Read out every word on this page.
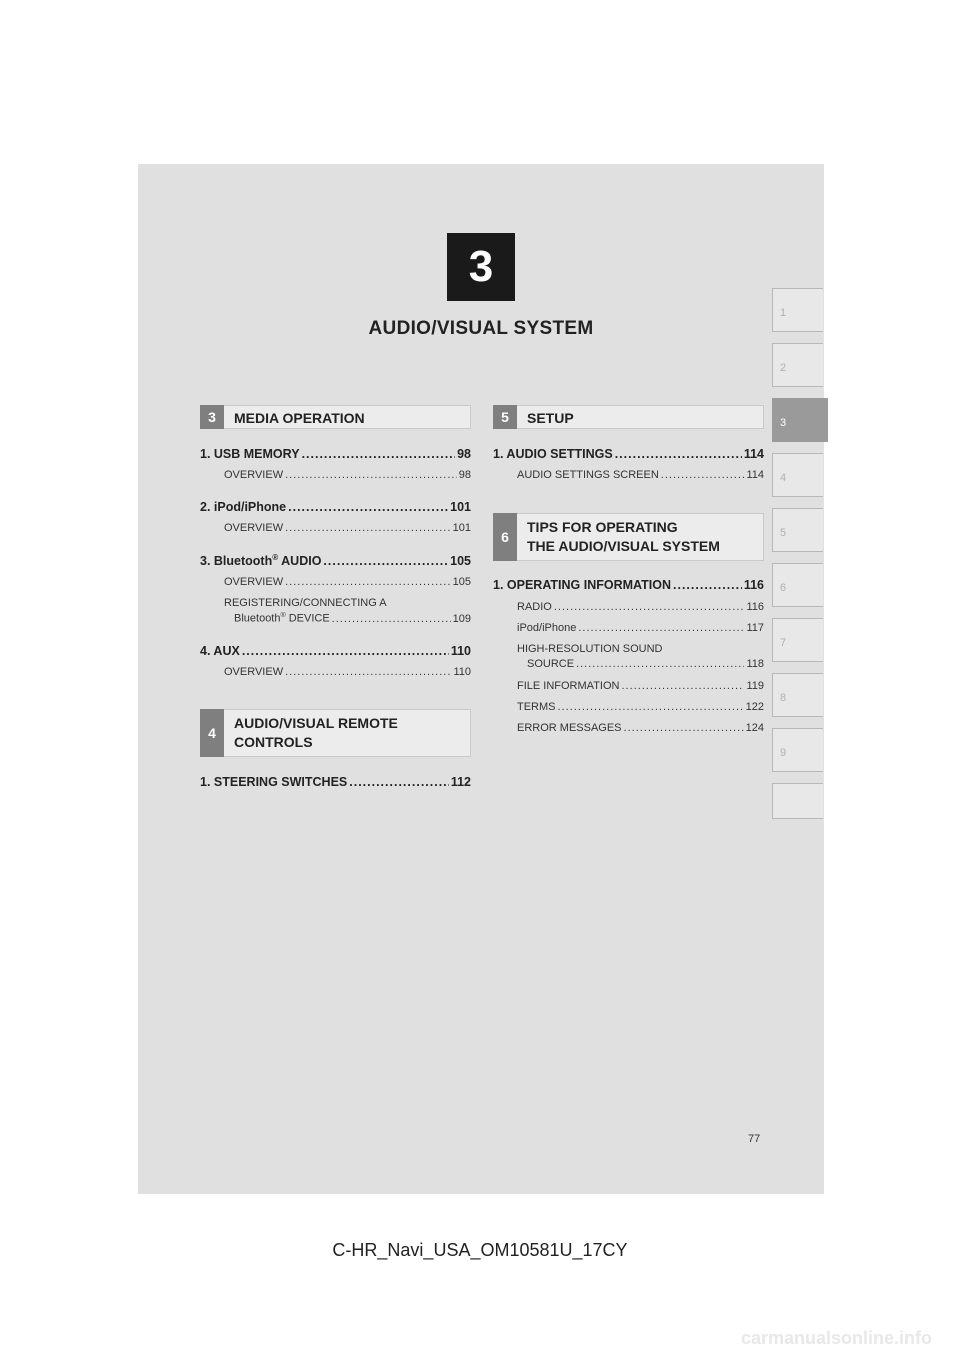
3
AUDIO/VISUAL SYSTEM
1
2
3
4
5
6
7
8
9
3	MEDIA OPERATION
1. USB MEMORY .....	98
OVERVIEW .....	98
2. iPod/iPhone .....	101
OVERVIEW .....	101
3. Bluetooth® AUDIO .....	105
OVERVIEW .....	105
REGISTERING/CONNECTING A
Bluetooth® DEVICE .....	109
4. AUX .....	110
OVERVIEW .....	110
4
AUDIO/VISUAL REMOTE
CONTROLS
1. STEERING SWITCHES .....	112
5	SETUP
1. AUDIO SETTINGS .....	114
AUDIO SETTINGS SCREEN .....	114
6
TIPS FOR OPERATING
THE AUDIO/VISUAL SYSTEM
1. OPERATING INFORMATION .....	116
RADIO .....	116
iPod/iPhone .....	117
HIGH-RESOLUTION SOUND
SOURCE .....	118
FILE INFORMATION .....	119
TERMS .....	122
ERROR MESSAGES .....	124
77
C-HR_Navi_USA_OM10581U_17CY
carmanualsonline.info
